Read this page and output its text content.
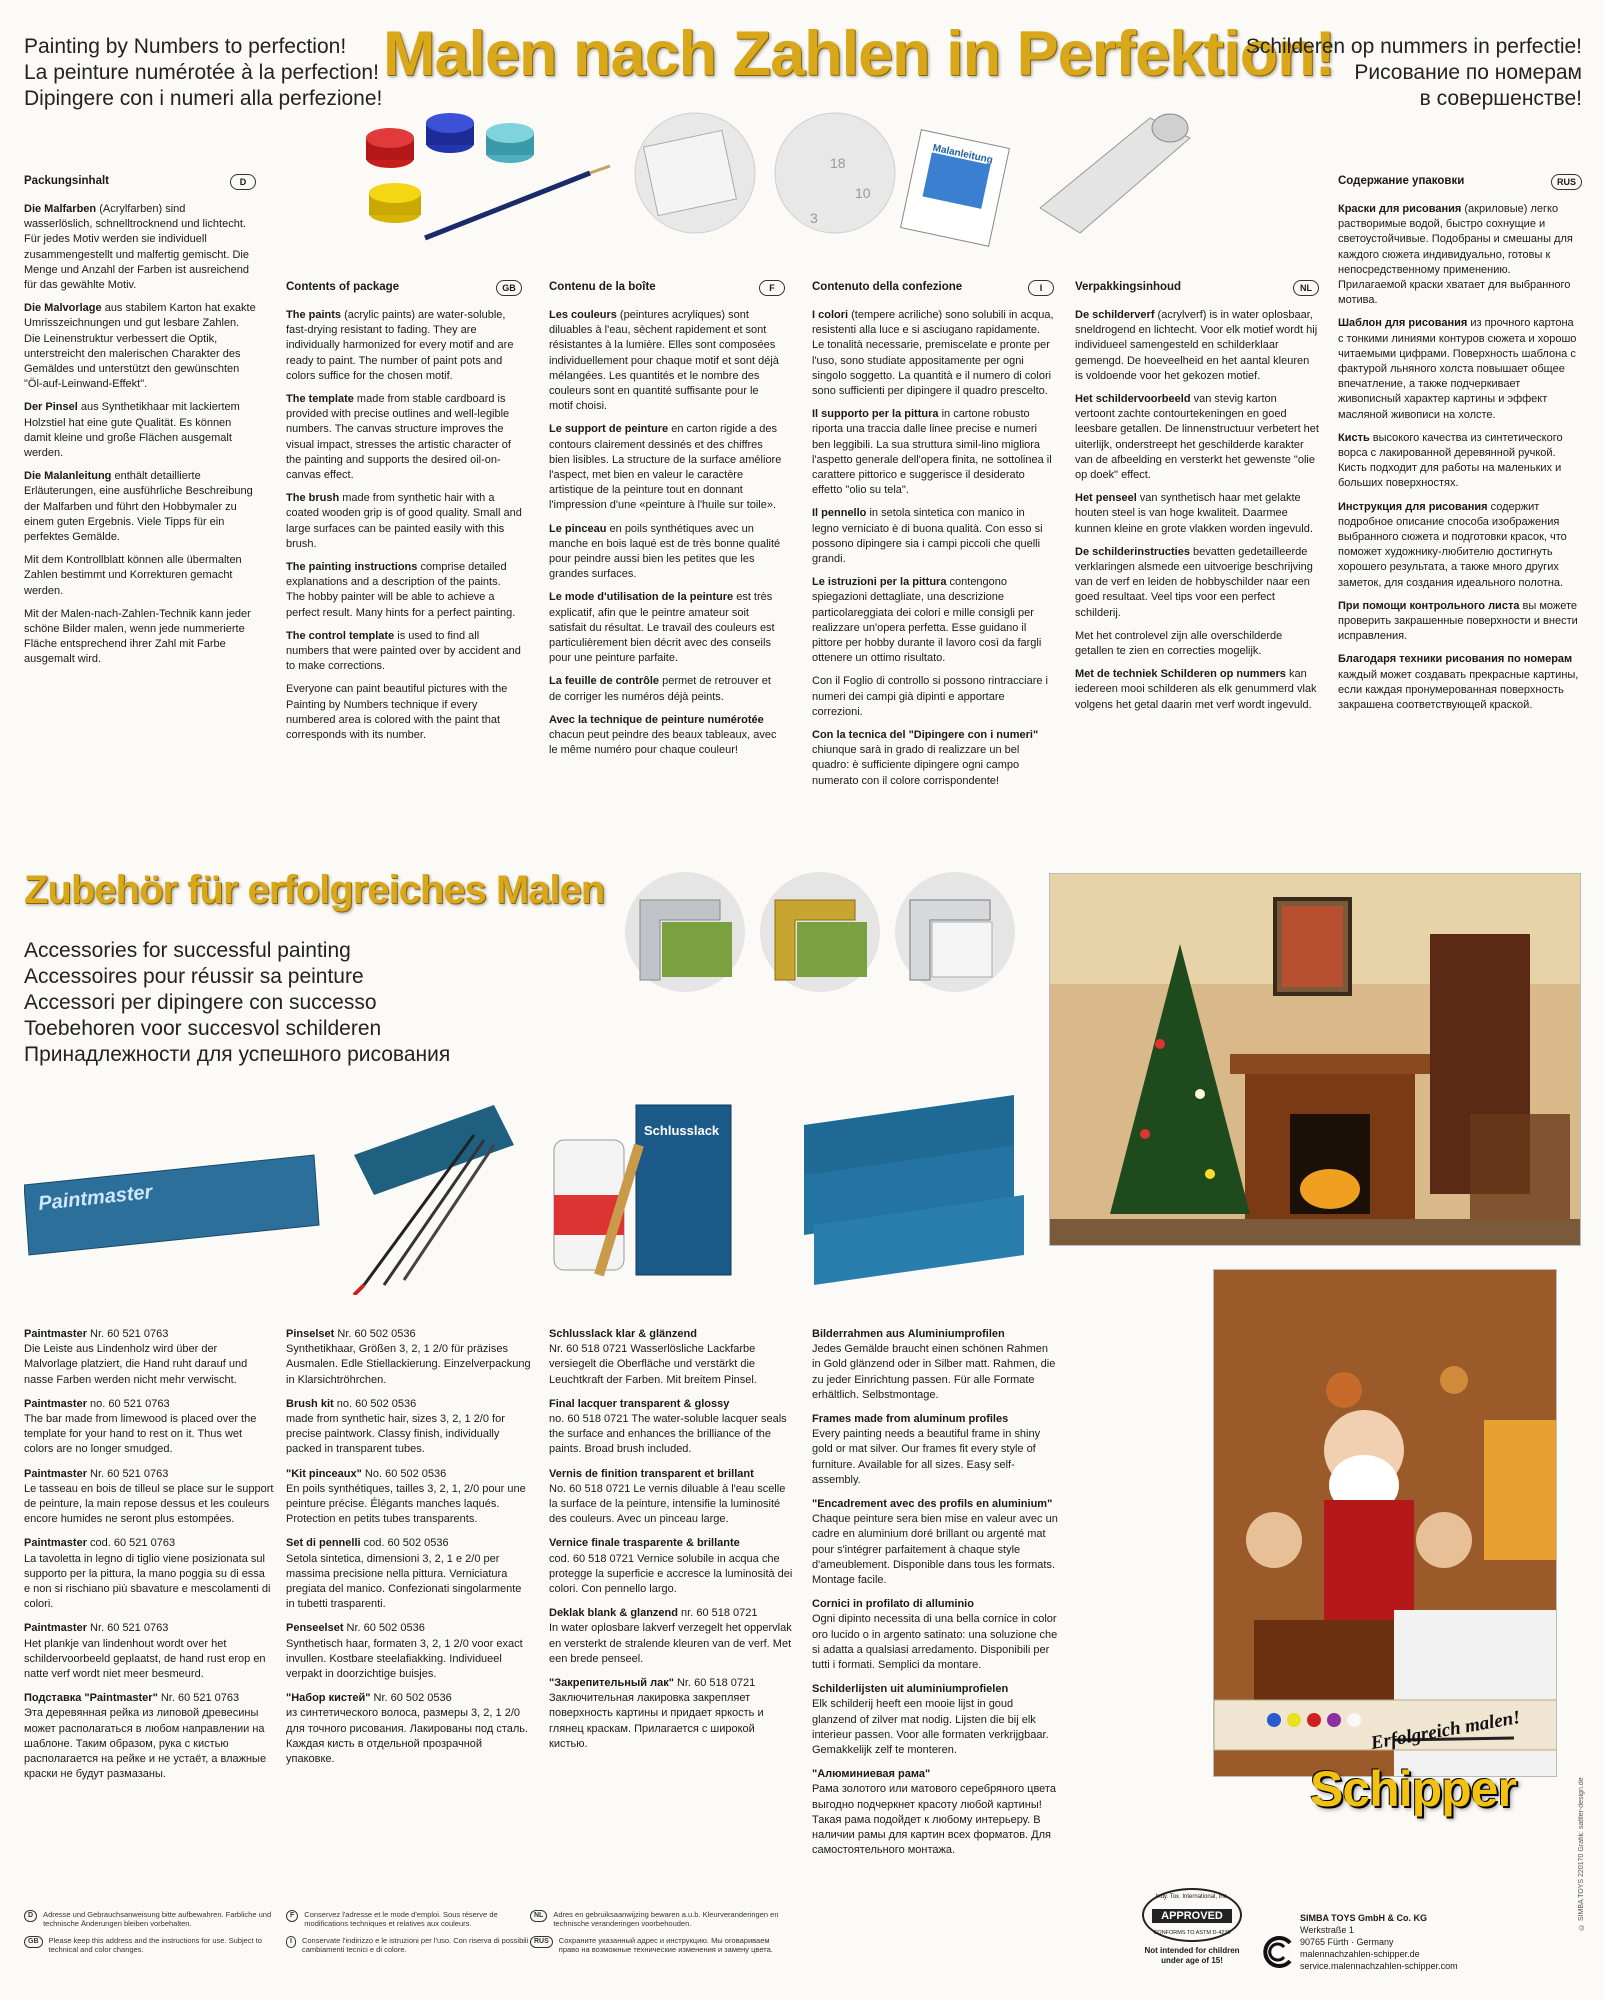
Painting by Numbers to perfection!
La peinture numérotée à la perfection!
Dipingere con i numeri alla perfezione!
Malen nach Zahlen in Perfektion!
Schilderen op nummers in perfectie!
Рисование по номерам
в совершенстве!
18
10
3
Malanleitung
Packungsinhalt	D

Die Malfarben (Acrylfarben) sind wasserlöslich, schnelltrocknend und lichtecht. Für jedes Motiv werden sie individuell zusammengestellt und malfertig gemischt. Die Menge und Anzahl der Farben ist ausreichend für das gewählte Motiv.

Die Malvorlage aus stabilem Karton hat exakte Umrisszeichnungen und gut lesbare Zahlen. Die Leinenstruktur verbessert die Optik, unterstreicht den malerischen Charakter des Gemäldes und unterstützt den gewünschten "Öl-auf-Leinwand-Effekt".

Der Pinsel aus Synthetikhaar mit lackiertem Holzstiel hat eine gute Qualität. Es können damit kleine und große Flächen ausgemalt werden.

Die Malanleitung enthält detaillierte Erläuterungen, eine ausführliche Beschreibung der Malfarben und führt den Hobbymaler zu einem guten Ergebnis. Viele Tipps für ein perfektes Gemälde.

Mit dem Kontrollblatt können alle übermalten Zahlen bestimmt und Korrekturen gemacht werden.

Mit der Malen-nach-Zahlen-Technik kann jeder schöne Bilder malen, wenn jede nummerierte Fläche entsprechend ihrer Zahl mit Farbe ausgemalt wird.

Contents of package	GB

The paints (acrylic paints) are water-soluble, fast-drying resistant to fading. They are individually harmonized for every motif and are ready to paint. The number of paint pots and colors suffice for the chosen motif.

The template made from stable cardboard is provided with precise outlines and well-legible numbers. The canvas structure improves the visual impact, stresses the artistic character of the painting and supports the desired oil-on-canvas effect.

The brush made from synthetic hair with a coated wooden grip is of good quality. Small and large surfaces can be painted easily with this brush.

The painting instructions comprise detailed explanations and a description of the paints. The hobby painter will be able to achieve a perfect result. Many hints for a perfect painting.

The control template is used to find all numbers that were painted over by accident and to make corrections.

Everyone can paint beautiful pictures with the Painting by Numbers technique if every numbered area is colored with the paint that corresponds with its number.

Contenu de la boîte	F

Les couleurs (peintures acryliques) sont diluables à l'eau, sèchent rapidement et sont résistantes à la lumière. Elles sont composées individuellement pour chaque motif et sont déjà mélangées. Les quantités et le nombre des couleurs sont en quantité suffisante pour le motif choisi.

Le support de peinture en carton rigide a des contours clairement dessinés et des chiffres bien lisibles. La structure de la surface améliore l'aspect, met bien en valeur le caractère artistique de la peinture tout en donnant l'impression d'une «peinture à l'huile sur toile».

Le pinceau en poils synthétiques avec un manche en bois laqué est de très bonne qualité pour peindre aussi bien les petites que les grandes surfaces.

Le mode d'utilisation de la peinture est très explicatif, afin que le peintre amateur soit satisfait du résultat. Le travail des couleurs est particulièrement bien décrit avec des conseils pour une peinture parfaite.

La feuille de contrôle permet de retrouver et de corriger les numéros déjà peints.

Avec la technique de peinture numérotée chacun peut peindre des beaux tableaux, avec le même numéro pour chaque couleur!

Contenuto della confezione	I

I colori (tempere acriliche) sono solubili in acqua, resistenti alla luce e si asciugano rapidamente. Le tonalità necessarie, premiscelate e pronte per l'uso, sono studiate appositamente per ogni singolo soggetto. La quantità e il numero di colori sono sufficienti per dipingere il quadro prescelto.

Il supporto per la pittura in cartone robusto riporta una traccia dalle linee precise e numeri ben leggibili. La sua struttura simil-lino migliora l'aspetto generale dell'opera finita, ne sottolinea il carattere pittorico e suggerisce il desiderato effetto "olio su tela".

Il pennello in setola sintetica con manico in legno verniciato è di buona qualità. Con esso si possono dipingere sia i campi piccoli che quelli grandi.

Le istruzioni per la pittura contengono spiegazioni dettagliate, una descrizione particolareggiata dei colori e mille consigli per realizzare un'opera perfetta. Esse guidano il pittore per hobby durante il lavoro così da fargli ottenere un ottimo risultato.

Con il Foglio di controllo si possono rintracciare i numeri dei campi già dipinti e apportare correzioni.

Con la tecnica del "Dipingere con i numeri" chiunque sarà in grado di realizzare un bel quadro: è sufficiente dipingere ogni campo numerato con il colore corrispondente!

Verpakkingsinhoud	NL

De schilderverf (acrylverf) is in water oplosbaar, sneldrogend en lichtecht. Voor elk motief wordt hij individueel samengesteld en schilderklaar gemengd. De hoeveelheid en het aantal kleuren is voldoende voor het gekozen motief.

Het schildervoorbeeld van stevig karton vertoont zachte contourtekeningen en goed leesbare getallen. De linnenstructuur verbetert het uiterlijk, onderstreept het geschilderde karakter van de afbeelding en versterkt het gewenste "olie op doek" effect.

Het penseel van synthetisch haar met gelakte houten steel is van hoge kwaliteit. Daarmee kunnen kleine en grote vlakken worden ingevuld.

De schilderinstructies bevatten gedetailleerde verklaringen alsmede een uitvoerige beschrijving van de verf en leiden de hobbyschilder naar een goed resultaat. Veel tips voor een perfect schilderij.

Met het controlevel zijn alle overschilderde getallen te zien en correcties mogelijk.

Met de techniek Schilderen op nummers kan iedereen mooi schilderen als elk genummerd vlak volgens het getal daarin met verf wordt ingevuld.

Содержание упаковки	RUS

Краски для рисования (акриловые) легко растворимые водой, быстро сохнущие и светоустойчивые. Подобраны и смешаны для каждого сюжета индивидуально, готовы к непосредственному применению. Прилагаемой краски хватает для выбранного мотива.

Шаблон для рисования из прочного картона с тонкими линиями контуров сюжета и хорошо читаемыми цифрами. Поверхность шаблона с фактурой льняного холста повышает общее впечатление, а также подчеркивает живописный характер картины и эффект масляной живописи на холсте.

Кисть высокого качества из синтетического ворса с лакированной деревянной ручкой. Кисть подходит для работы на маленьких и больших поверхностях.

Инструкция для рисования содержит подробное описание способа изображения выбранного сюжета и подготовки красок, что поможет художнику-любителю достигнуть хорошего результата, а также много других заметок, для создания идеального полотна.

При помощи контрольного листа вы можете проверить закрашенные поверхности и внести исправления.

Благодаря техники рисования по номерам каждый может создавать прекрасные картины, если каждая пронумерованная поверхность закрашена соответствующей краской.

Zubehör für erfolgreiches Malen
Accessories for successful painting
Accessoires pour réussir sa peinture
Accessori per dipingere con successo
Toebehoren voor succesvol schilderen
Принадлежности для успешного рисования
Paintmaster
Schlusslack
Paintmaster Nr. 60 521 0763
Die Leiste aus Lindenholz wird über der Malvorlage platziert, die Hand ruht darauf und nasse Farben werden nicht mehr verwischt.
Paintmaster no. 60 521 0763
The bar made from limewood is placed over the template for your hand to rest on it. Thus wet colors are no longer smudged.
Paintmaster Nr. 60 521 0763
Le tasseau en bois de tilleul se place sur le support de peinture, la main repose dessus et les couleurs encore humides ne seront plus estompées.
Paintmaster cod. 60 521 0763
La tavoletta in legno di tiglio viene posizionata sul supporto per la pittura, la mano poggia su di essa e non si rischiano più sbavature e mescolamenti di colori.
Paintmaster Nr. 60 521 0763
Het plankje van lindenhout wordt over het schildervoorbeeld geplaatst, de hand rust erop en natte verf wordt niet meer besmeurd.
Подставка "Paintmaster" Nr. 60 521 0763
Эта деревянная рейка из липовой древесины может располагаться в любом направлении на шаблоне. Таким образом, рука с кистью располагается на рейке и не устаёт, а влажные краски не будут размазаны.
Pinselset Nr. 60 502 0536
Synthetikhaar, Größen 3, 2, 1 2/0 für präzises Ausmalen. Edle Stiellackierung. Einzelverpackung in Klarsichtröhrchen.
Brush kit no. 60 502 0536
made from synthetic hair, sizes 3, 2, 1 2/0 for precise paintwork. Classy finish, individually packed in transparent tubes.
"Kit pinceaux" No. 60 502 0536
En poils synthétiques, tailles 3, 2, 1, 2/0 pour une peinture précise. Élégants manches laqués. Protection en petits tubes transparents.
Set di pennelli cod. 60 502 0536
Setola sintetica, dimensioni 3, 2, 1 e 2/0 per massima precisione nella pittura. Verniciatura pregiata del manico. Confezionati singolarmente in tubetti trasparenti.
Penseelset Nr. 60 502 0536
Synthetisch haar, formaten 3, 2, 1 2/0 voor exact invullen. Kostbare steelafiakking. Individueel verpakt in doorzichtige buisjes.
"Набор кистей" Nr. 60 502 0536
из синтетического волоса, размеры 3, 2, 1 2/0 для точного рисования. Лакированы под сталь. Каждая кисть в отдельной прозрачной упаковке.
Schlusslack klar & glänzend
Nr. 60 518 0721 Wasserlösliche Lackfarbe versiegelt die Oberfläche und verstärkt die Leuchtkraft der Farben. Mit breitem Pinsel.
Final lacquer transparent & glossy
no. 60 518 0721 The water-soluble lacquer seals the surface and enhances the brilliance of the paints. Broad brush included.
Vernis de finition transparent et brillant
No. 60 518 0721 Le vernis diluable à l'eau scelle la surface de la peinture, intensifie la luminosité des couleurs. Avec un pinceau large.
Vernice finale trasparente & brillante
cod. 60 518 0721 Vernice solubile in acqua che protegge la superficie e accresce la luminosità dei colori. Con pennello largo.
Deklak blank & glanzend nr. 60 518 0721
In water oplosbare lakverf verzegelt het oppervlak en versterkt de stralende kleuren van de verf. Met een brede penseel.
"Закрепительный лак" Nr. 60 518 0721
Заключительная лакировка закрепляет поверхность картины и придает яркость и глянец краскам. Прилагается с широкой кистью.
Bilderrahmen aus Aluminiumprofilen
Jedes Gemälde braucht einen schönen Rahmen in Gold glänzend oder in Silber matt. Rahmen, die zu jeder Einrichtung passen. Für alle Formate erhältlich. Selbstmontage.
Frames made from aluminum profiles
Every painting needs a beautiful frame in shiny gold or mat silver. Our frames fit every style of furniture. Available for all sizes. Easy self-assembly.
"Encadrement avec des profils en aluminium"
Chaque peinture sera bien mise en valeur avec un cadre en aluminium doré brillant ou argenté mat pour s'intégrer parfaitement à chaque style d'ameublement. Disponible dans tous les formats. Montage facile.
Cornici in profilato di alluminio
Ogni dipinto necessita di una bella cornice in color oro lucido o in argento satinato: una soluzione che si adatta a qualsiasi arredamento. Disponibili per tutti i formati. Semplici da montare.
Schilderlijsten uit aluminiumprofielen
Elk schilderij heeft een mooie lijst in goud glanzend of zilver mat nodig. Lijsten die bij elk interieur passen. Voor alle formaten verkrijgbaar. Gemakkelijk zelf te monteren.
"Алюминиевая рама"
Рама золотого или матового серебряного цвета выгодно подчеркнет красоту любой картины! Такая рама подойдет к любому интерьеру. В наличии рамы для картин всех форматов. Для самостоятельного монтажа.
Erfolgreich malen!
Schipper	© SIMBA TOYS 220170 Grafik: sattler-design.de
D	Adresse und Gebrauchsanweisung bitte aufbewahren. Farbliche und technische Änderungen bleiben vorbehalten.
F	Conservez l'adresse et le mode d'emploi. Sous réserve de modifications techniques et relatives aux couleurs.
GB	Please keep this address and the instructions for use. Subject to technical and color changes.
I	Conservate l'indirizzo e le istruzioni per l'uso. Con riserva di possibili cambiamenti tecnici e di colore.
NL	Adres en gebruiksaanwijzing bewaren a.u.b. Kleurveranderingen en technische veranderingen voorbehouden.
RUS	Сохраните указанный адрес и инструкцию. Мы оговариваем право на возможные технические изменения и замену цвета.
Indy. Tox. International, Inc.
APPROVED
CONFORMS TO ASTM D-4236
Not intended for children under age of 15!
SIMBA TOYS GmbH & Co. KG
Werkstraße 1
90765 Fürth · Germany
malennachzahlen-schipper.de
service.malennachzahlen-schipper.com
